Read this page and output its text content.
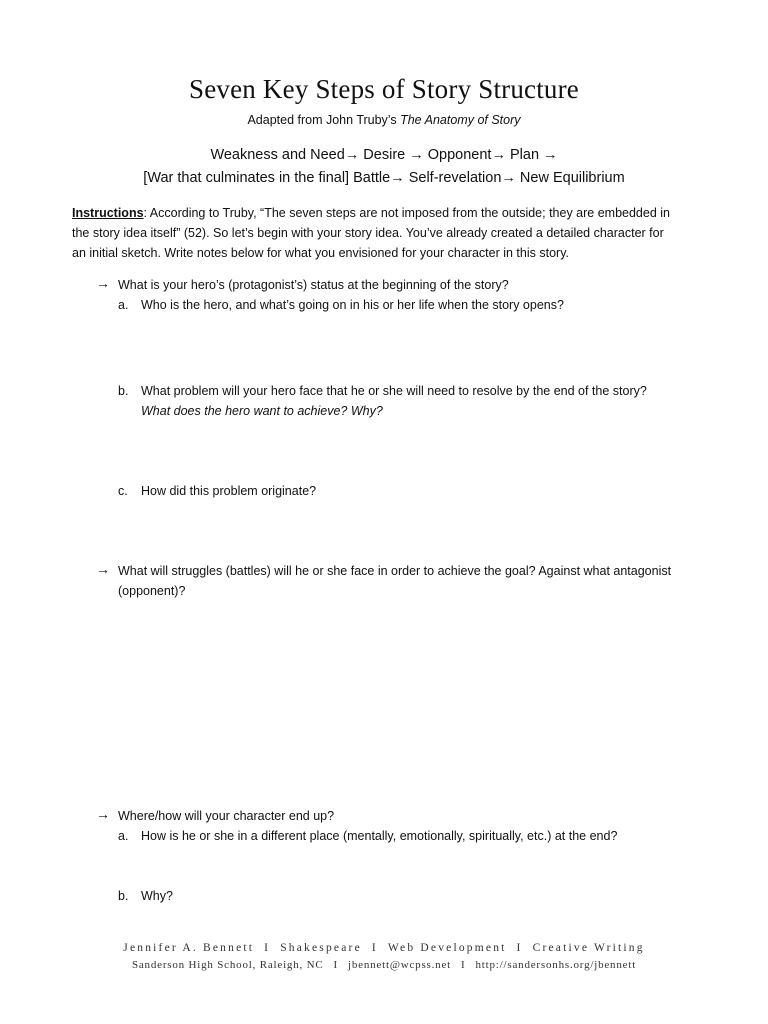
Seven Key Steps of Story Structure
Adapted from John Truby’s The Anatomy of Story
Weakness and Need→ Desire → Opponent→ Plan →
[War that culminates in the final] Battle→ Self-revelation→ New Equilibrium
Instructions: According to Truby, “The seven steps are not imposed from the outside; they are embedded in
the story idea itself” (52). So let’s begin with your story idea. You’ve already created a detailed character for
an initial sketch. Write notes below for what you envisioned for your character in this story.
→ What is your hero’s (protagonist’s) status at the beginning of the story?
a. Who is the hero, and what’s going on in his or her life when the story opens?
b. What problem will your hero face that he or she will need to resolve by the end of the story?
What does the hero want to achieve? Why?
c. How did this problem originate?
→ What will struggles (battles) will he or she face in order to achieve the goal? Against what antagonist
(opponent)?
→ Where/how will your character end up?
a. How is he or she in a different place (mentally, emotionally, spiritually, etc.) at the end?
b. Why?
Jennifer A. Bennett I Shakespeare I Web Development I Creative Writing
Sanderson High School, Raleigh, NC I jbennett@wcpss.net I http://sandersonhs.org/jbennett
